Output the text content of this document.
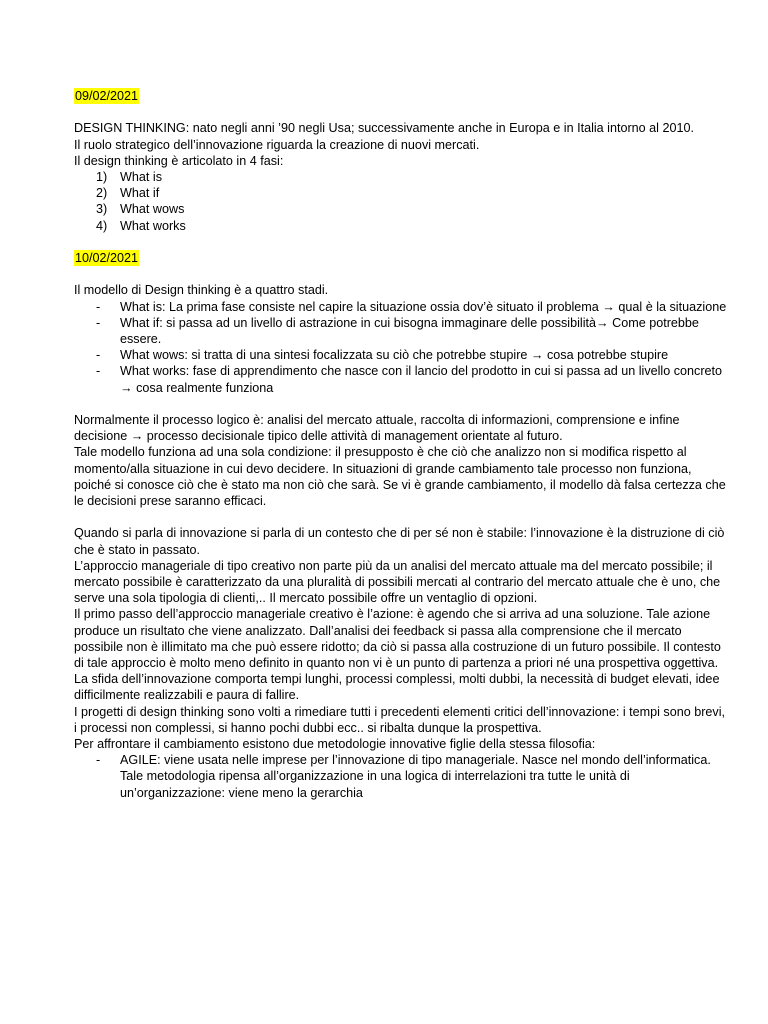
09/02/2021

DESIGN THINKING: nato negli anni ’90 negli Usa; successivamente anche in Europa e in Italia intorno al 2010.

Il ruolo strategico dell’innovazione riguarda la creazione di nuovi mercati.

Il design thinking è articolato in 4 fasi:

1) What is
2) What if
3) What wows
4) What works
10/02/2021

Il modello di Design thinking è a quattro stadi.

- What is: La prima fase consiste nel capire la situazione ossia dov’è situato il problema → qual è la situazione
- What if: si passa ad un livello di astrazione in cui bisogna immaginare delle possibilità→ Come potrebbe essere.
- What wows: si tratta di una sintesi focalizzata su ciò che potrebbe stupire → cosa potrebbe stupire
- What works: fase di apprendimento che nasce con il lancio del prodotto in cui si passa ad un livello concreto → cosa realmente funziona

Normalmente il processo logico è: analisi del mercato attuale, raccolta di informazioni, comprensione e infine decisione → processo decisionale tipico delle attività di management orientate al futuro.

Tale modello funziona ad una sola condizione: il presupposto è che ciò che analizzo non si modifica rispetto al momento/alla situazione in cui devo decidere. In situazioni di grande cambiamento tale processo non funziona, poiché si conosce ciò che è stato ma non ciò che sarà. Se vi è grande cambiamento, il modello dà falsa certezza che le decisioni prese saranno efficaci.

Quando si parla di innovazione si parla di un contesto che di per sé non è stabile: l’innovazione è la distruzione di ciò che è stato in passato.

L’approccio manageriale di tipo creativo non parte più da un analisi del mercato attuale ma del mercato possibile; il mercato possibile è caratterizzato da una pluralità di possibili mercati al contrario del mercato attuale che è uno, che serve una sola tipologia di clienti,.. Il mercato possibile offre un ventaglio di opzioni.

Il primo passo dell’approccio manageriale creativo è l’azione: è agendo che si arriva ad una soluzione. Tale azione produce un risultato che viene analizzato. Dall’analisi dei feedback si passa alla comprensione che il mercato possibile non è illimitato ma che può essere ridotto; da ciò si passa alla costruzione di un futuro possibile. Il contesto di tale approccio è molto meno definito in quanto non vi è un punto di partenza a priori né una prospettiva oggettiva.

La sfida dell’innovazione comporta tempi lunghi, processi complessi, molti dubbi, la necessità di budget elevati, idee difficilmente realizzabili e paura di fallire.

I progetti di design thinking sono volti a rimediare tutti i precedenti elementi critici dell’innovazione: i tempi sono brevi, i processi non complessi, si hanno pochi dubbi ecc.. si ribalta dunque la prospettiva.

Per affrontare il cambiamento esistono due metodologie innovative figlie della stessa filosofia:

- AGILE: viene usata nelle imprese per l’innovazione di tipo manageriale. Nasce nel mondo dell’informatica. Tale metodologia ripensa all’organizzazione in una logica di interrelazioni tra tutte le unità di un’organizzazione: viene meno la gerarchia
